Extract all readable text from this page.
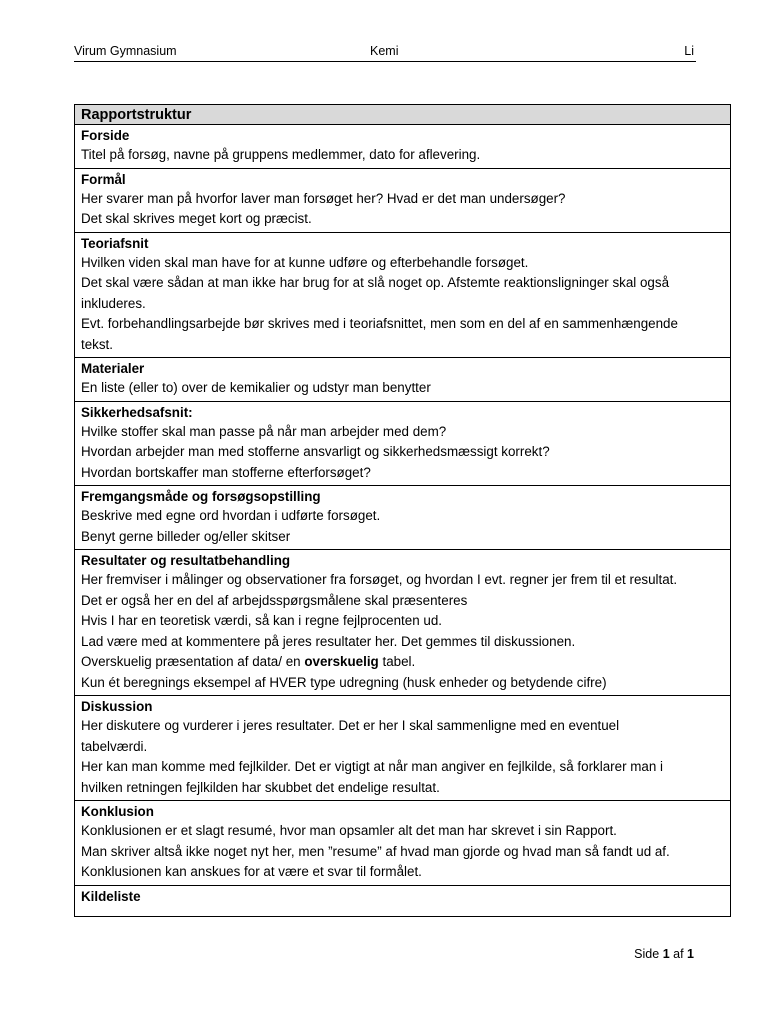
Virum Gymnasium	Kemi	Li
Rapportstruktur
Forside
Titel på forsøg, navne på gruppens medlemmer, dato for aflevering.
Formål
Her svarer man på hvorfor laver man forsøget her? Hvad er det man undersøger?
Det skal skrives meget kort og præcist.
Teoriafsnit
Hvilken viden skal man have for at kunne udføre og efterbehandle forsøget.
Det skal være sådan at man ikke har brug for at slå noget op. Afstemte reaktionsligninger skal også
inkluderes.
Evt. forbehandlingsarbejde bør skrives med i teoriafsnittet, men som en del af en sammenhængende
tekst.
Materialer
En liste (eller to) over de kemikalier og udstyr man benytter
Sikkerhedsafsnit:
Hvilke stoffer skal man passe på når man arbejder med dem?
Hvordan arbejder man med stofferne ansvarligt og sikkerhedsmæssigt korrekt?
Hvordan bortskaffer man stofferne efterforsøget?
Fremgangsmåde og forsøgsopstilling
Beskrive med egne ord hvordan i udførte forsøget.
Benyt gerne billeder og/eller skitser
Resultater og resultatbehandling
Her fremviser i målinger og observationer fra forsøget, og hvordan I evt. regner jer frem til et resultat.
Det er også her en del af arbejdsspørgsmålene skal præsenteres
Hvis I har en teoretisk værdi, så kan i regne fejlprocenten ud.
Lad være med at kommentere på jeres resultater her. Det gemmes til diskussionen.
Overskuelig præsentation af data/ en overskuelig tabel.
Kun ét beregnings eksempel af HVER type udregning (husk enheder og betydende cifre)
Diskussion
Her diskutere og vurderer i jeres resultater. Det er her I skal sammenligne med en eventuel
tabelværdi.
Her kan man komme med fejlkilder. Det er vigtigt at når man angiver en fejlkilde, så forklarer man i
hvilken retningen fejlkilden har skubbet det endelige resultat.
Konklusion
Konklusionen er et slagt resumé, hvor man opsamler alt det man har skrevet i sin Rapport.
Man skriver altså ikke noget nyt her, men ”resume” af hvad man gjorde og hvad man så fandt ud af.
Konklusionen kan anskues for at være et svar til formålet.
Kildeliste
Side 1 af 1
